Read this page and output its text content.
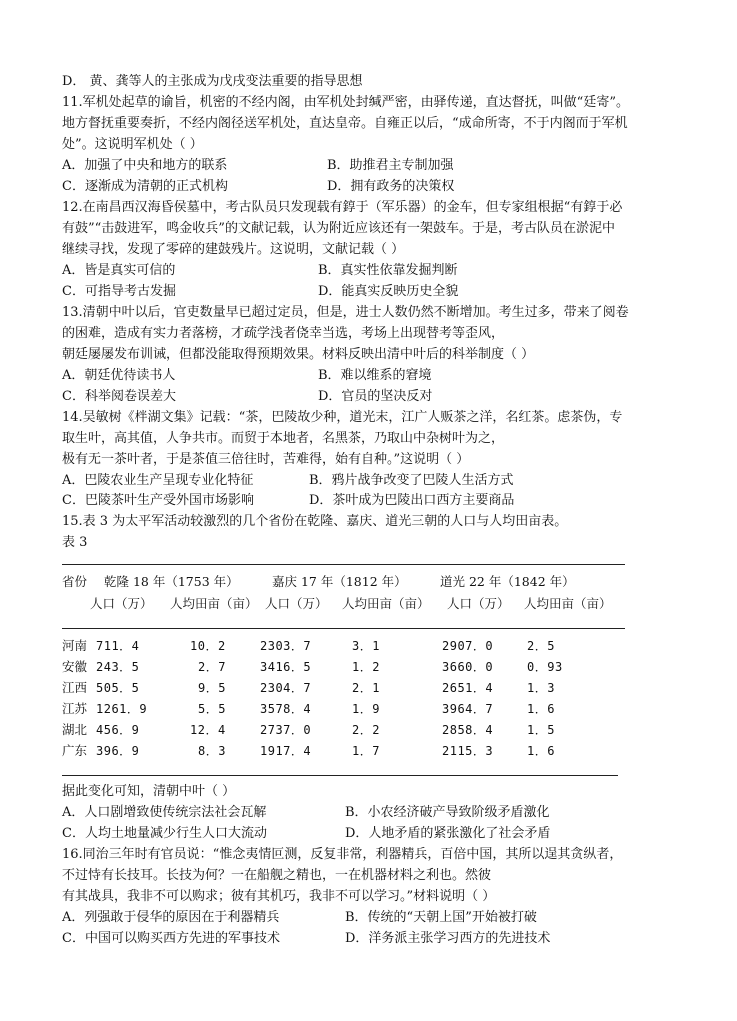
D． 黄、龚等人的主张成为戊戌变法重要的指导思想
11.军机处起草的谕旨，机密的不经内阁，由军机处封缄严密，由驿传递，直达督抚，叫做“廷寄”。
地方督抚重要奏折，不经内阁径送军机处，直达皇帝。自雍正以后，“成命所寄，不于内阁而于军机
处”。这说明军机处（ ）
A．加强了中央和地方的联系	B．助推君主专制加强
C．逐渐成为清朝的正式机构	D．拥有政务的决策权
12.在南昌西汉海昏侯墓中，考古队员只发现载有錞于（军乐器）的金车，但专家组根据“有錞于必
有鼓”“击鼓进军，鸣金收兵”的文献记载，认为附近应该还有一架鼓车。于是，考古队员在淤泥中
继续寻找，发现了零碎的建鼓残片。这说明，文献记载（ ）
A．皆是真实可信的	B．真实性依靠发掘判断
C．可指导考古发掘	D．能真实反映历史全貌
13.清朝中叶以后，官吏数量早已超过定员，但是，进士人数仍然不断增加。考生过多，带来了阅卷
的困难，造成有实力者落榜，才疏学浅者侥幸当选，考场上出现替考等歪风，
朝廷屡屡发布训诫，但都没能取得预期效果。材料反映出清中叶后的科举制度（ ）
A．朝廷优待读书人	B．难以维系的窘境
C．科举阅卷误差大	D．官员的坚决反对
14.吴敏树《柈湖文集》记载：“茶，巴陵故少种，道光末，江广人贩茶之洋，名红茶。虑茶伪，专
取生叶，高其值，人争共市。而贸于本地者，名黑茶，乃取山中杂树叶为之，
极有无一茶叶者，于是茶值三倍往时，苦难得，始有自种。”这说明（ ）
A．巴陵农业生产呈现专业化特征	B．鸦片战争改变了巴陵人生活方式
C．巴陵茶叶生产受外国市场影响	D．茶叶成为巴陵出口西方主要商品
15.表 3 为太平军活动较激烈的几个省份在乾隆、嘉庆、道光三朝的人口与人均田亩表。
表 3
省份 乾隆 18 年（1753 年）	嘉庆 17 年（1812 年）	道光 22 年（1842 年）
人口（万） 人均田亩（亩） 人口（万） 人均田亩（亩） 人口（万） 人均田亩（亩）
河南 711．4	10．2	2303．7	3．1	2907．0	2．5
安徽 243．5	2．7	3416．5	1．2	3660．0	0．93
江西 505．5	9．5	2304．7	2．1	2651．4	1．3
江苏 1261．9	5．5	3578．4	1．9	3964．7	1．6
湖北 456．9	12．4	2737．0	2．2	2858．4	1．5
广东 396．9	8．3	1917．4	1．7	2115．3	1．6
据此变化可知，清朝中叶（ ）
A．人口剧增致使传统宗法社会瓦解	B．小农经济破产导致阶级矛盾激化
C．人均土地量减少行生人口大流动	D．人地矛盾的紧张激化了社会矛盾
16.同治三年时有官员说：“惟念夷情叵测，反复非常，利器精兵，百倍中国，其所以逞其贪纵者，
不过恃有长技耳。长技为何？一在船舰之精也，一在机器材料之利也。然彼
有其战具，我非不可以购求；彼有其机巧，我非不可以学习。”材料说明（ ）
A．列强敢于侵华的原因在于利器精兵	B．传统的“天朝上国”开始被打破
C．中国可以购买西方先进的军事技术	D．洋务派主张学习西方的先进技术
